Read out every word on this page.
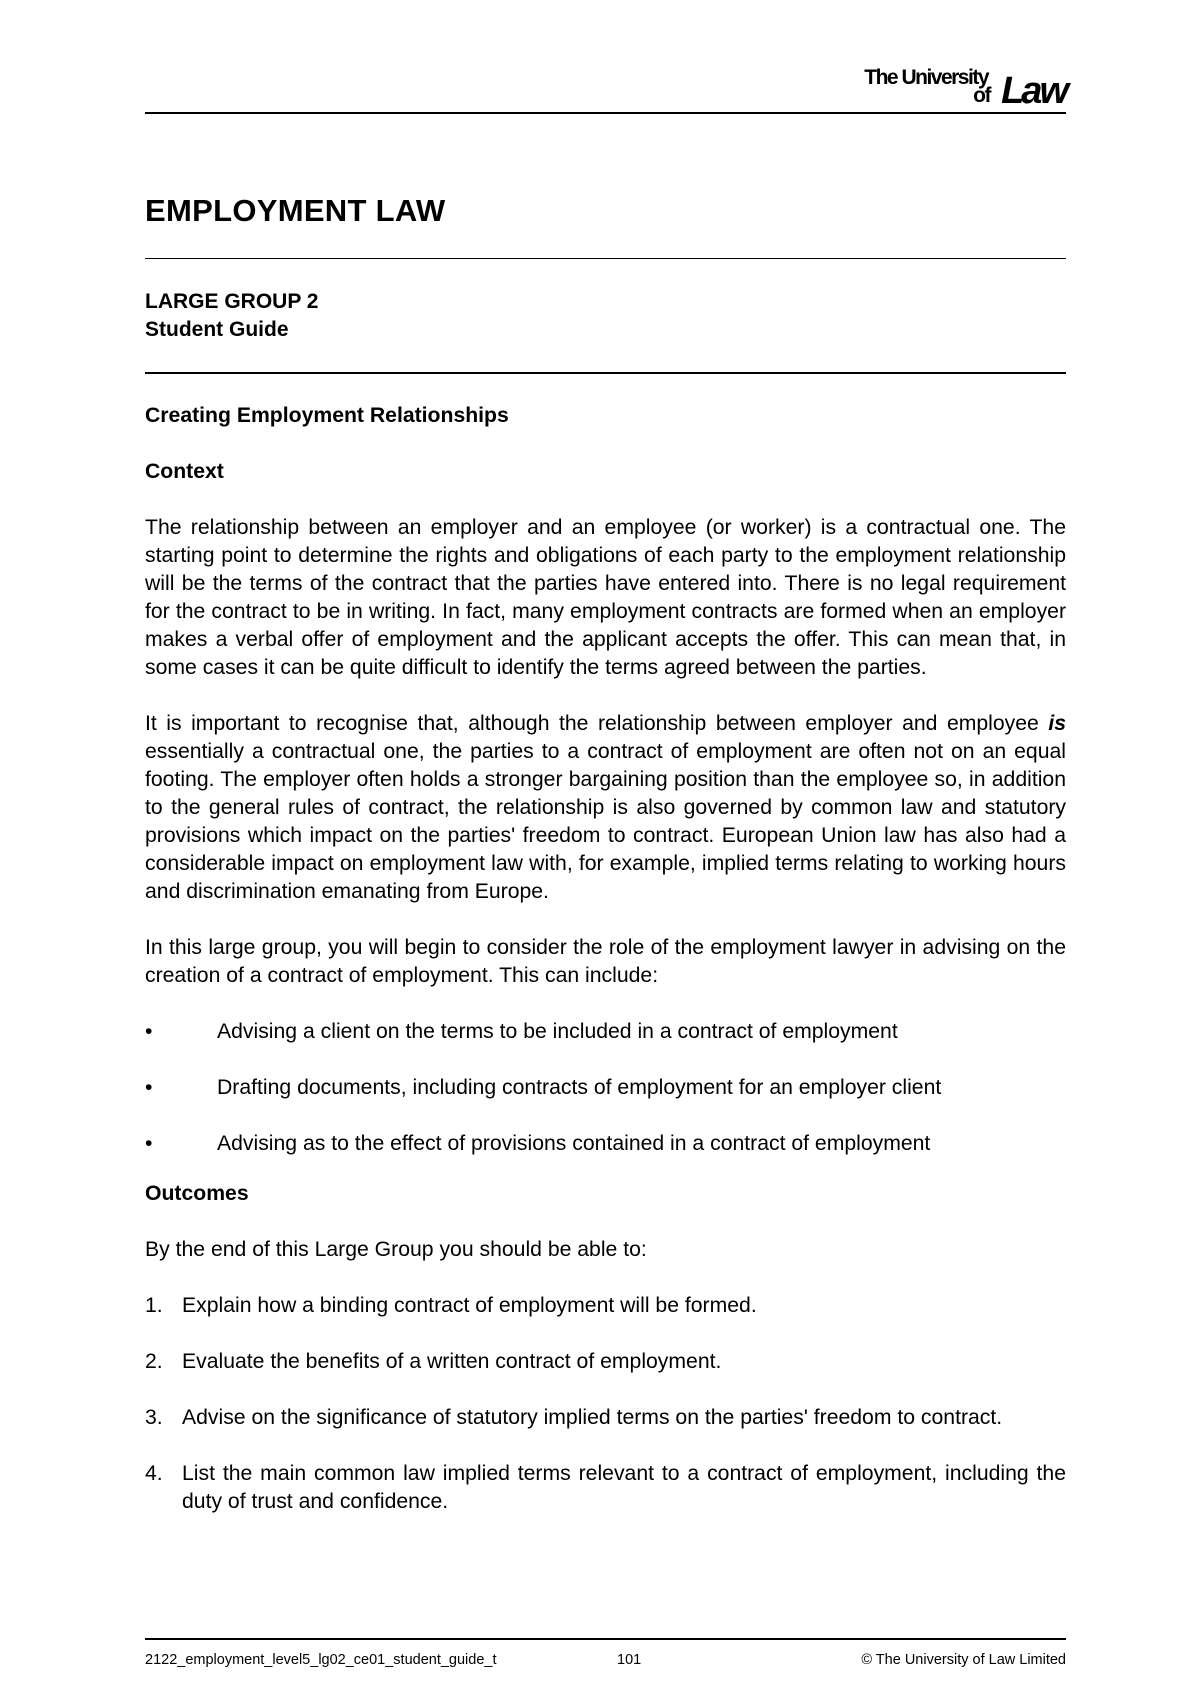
The University
of Law
EMPLOYMENT LAW
LARGE GROUP 2
Student Guide
Creating Employment Relationships
Context

The relationship between an employer and an employee (or worker) is a contractual one. The starting point to determine the rights and obligations of each party to the employment relationship will be the terms of the contract that the parties have entered into. There is no legal requirement for the contract to be in writing. In fact, many employment contracts are formed when an employer makes a verbal offer of employment and the applicant accepts the offer. This can mean that, in some cases it can be quite difficult to identify the terms agreed between the parties.

It is important to recognise that, although the relationship between employer and employee is essentially a contractual one, the parties to a contract of employment are often not on an equal footing. The employer often holds a stronger bargaining position than the employee so, in addition to the general rules of contract, the relationship is also governed by common law and statutory provisions which impact on the parties' freedom to contract. European Union law has also had a considerable impact on employment law with, for example, implied terms relating to working hours and discrimination emanating from Europe.

In this large group, you will begin to consider the role of the employment lawyer in advising on the creation of a contract of employment. This can include:

•	Advising a client on the terms to be included in a contract of employment
•	Drafting documents, including contracts of employment for an employer client
•	Advising as to the effect of provisions contained in a contract of employment
Outcomes

By the end of this Large Group you should be able to:

1. Explain how a binding contract of employment will be formed.
2. Evaluate the benefits of a written contract of employment.
3. Advise on the significance of statutory implied terms on the parties' freedom to contract.
4. List the main common law implied terms relevant to a contract of employment, including the duty of trust and confidence.
2122_employment_level5_lg02_ce01_student_guide_t	101	© The University of Law Limited
